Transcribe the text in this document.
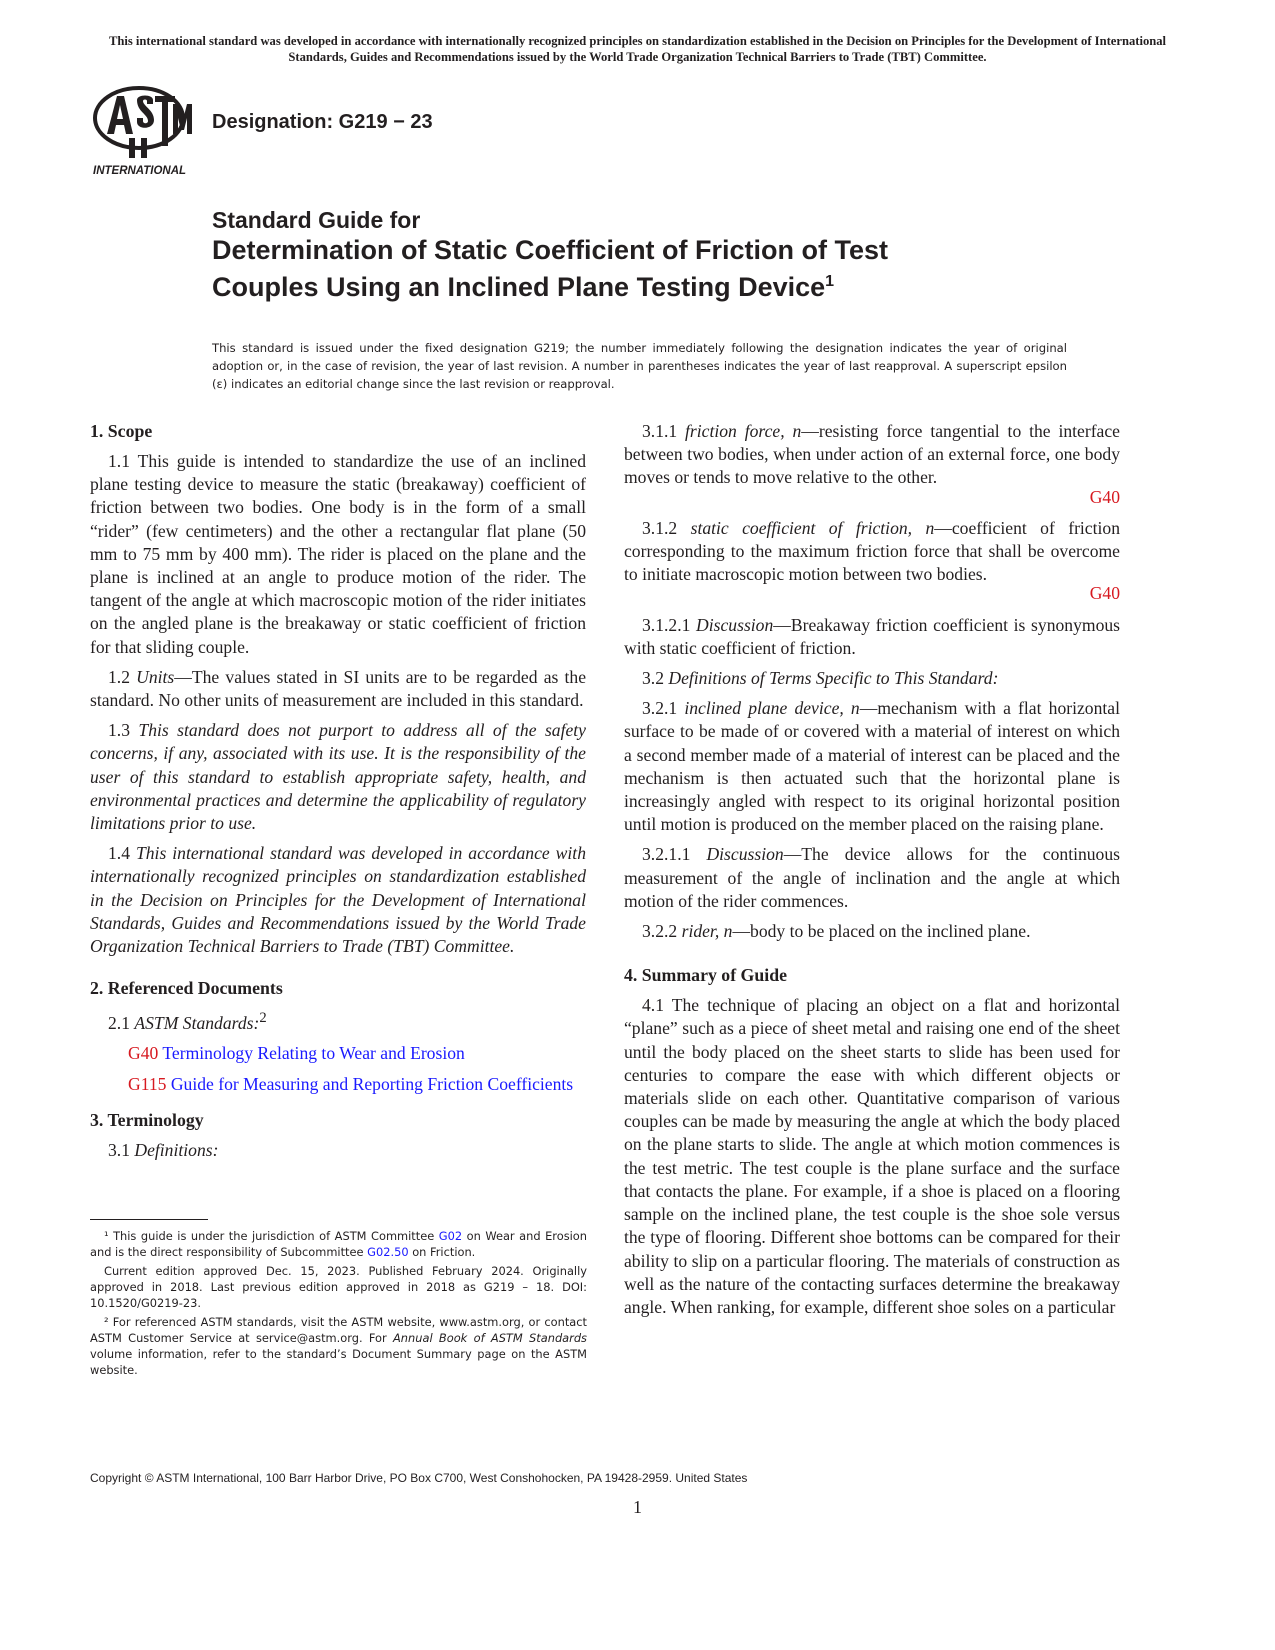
This international standard was developed in accordance with internationally recognized principles on standardization established in the Decision on Principles for the Development of International Standards, Guides and Recommendations issued by the World Trade Organization Technical Barriers to Trade (TBT) Committee.
INTERNATIONAL
Designation: G219 − 23
Standard Guide for
Determination of Static Coefficient of Friction of Test
Couples Using an Inclined Plane Testing Device$^1$
This standard is issued under the fixed designation G219; the number immediately following the designation indicates the year of original adoption or, in the case of revision, the year of last revision. A number in parentheses indicates the year of last reapproval. A superscript epsilon (ε) indicates an editorial change since the last revision or reapproval.
1. Scope

1.1 This guide is intended to standardize the use of an inclined plane testing device to measure the static (breakaway) coefficient of friction between two bodies. One body is in the form of a small “rider” (few centimeters) and the other a rectangular flat plane (50 mm to 75 mm by 400 mm). The rider is placed on the plane and the plane is inclined at an angle to produce motion of the rider. The tangent of the angle at which macroscopic motion of the rider initiates on the angled plane is the breakaway or static coefficient of friction for that sliding couple.

1.2 Units—The values stated in SI units are to be regarded as the standard. No other units of measurement are included in this standard.

1.3 This standard does not purport to address all of the safety concerns, if any, associated with its use. It is the responsibility of the user of this standard to establish appropriate safety, health, and environmental practices and determine the applicability of regulatory limitations prior to use.

1.4 This international standard was developed in accordance with internationally recognized principles on standardization established in the Decision on Principles for the Development of International Standards, Guides and Recommendations issued by the World Trade Organization Technical Barriers to Trade (TBT) Committee.

2. Referenced Documents

2.1 ASTM Standards:$^2$

G40 Terminology Relating to Wear and Erosion

G115 Guide for Measuring and Reporting Friction Coefficients

3. Terminology

3.1 Definitions:

3.1.1 friction force, n—resisting force tangential to the interface between two bodies, when under action of an external force, one body moves or tends to move relative to the other.

G40

3.1.2 static coefficient of friction, n—coefficient of friction corresponding to the maximum friction force that shall be overcome to initiate macroscopic motion between two bodies.

G40

3.1.2.1 Discussion—Breakaway friction coefficient is synonymous with static coefficient of friction.

3.2 Definitions of Terms Specific to This Standard:

3.2.1 inclined plane device, n—mechanism with a flat horizontal surface to be made of or covered with a material of interest on which a second member made of a material of interest can be placed and the mechanism is then actuated such that the horizontal plane is increasingly angled with respect to its original horizontal position until motion is produced on the member placed on the raising plane.

3.2.1.1 Discussion—The device allows for the continuous measurement of the angle of inclination and the angle at which motion of the rider commences.

3.2.2 rider, n—body to be placed on the inclined plane.

4. Summary of Guide

4.1 The technique of placing an object on a flat and horizontal “plane” such as a piece of sheet metal and raising one end of the sheet until the body placed on the sheet starts to slide has been used for centuries to compare the ease with which different objects or materials slide on each other. Quantitative comparison of various couples can be made by measuring the angle at which the body placed on the plane starts to slide. The angle at which motion commences is the test metric. The test couple is the plane surface and the surface that contacts the plane. For example, if a shoe is placed on a flooring sample on the inclined plane, the test couple is the shoe sole versus the type of flooring. Different shoe bottoms can be compared for their ability to slip on a particular flooring. The materials of construction as well as the nature of the contacting surfaces determine the breakaway angle. When ranking, for example, different shoe soles on a particular

¹ This guide is under the jurisdiction of ASTM Committee G02 on Wear and Erosion and is the direct responsibility of Subcommittee G02.50 on Friction.

Current edition approved Dec. 15, 2023. Published February 2024. Originally approved in 2018. Last previous edition approved in 2018 as G219 – 18. DOI: 10.1520/G0219-23.

² For referenced ASTM standards, visit the ASTM website, www.astm.org, or contact ASTM Customer Service at service@astm.org. For Annual Book of ASTM Standards volume information, refer to the standard’s Document Summary page on the ASTM website.

Copyright © ASTM International, 100 Barr Harbor Drive, PO Box C700, West Conshohocken, PA 19428-2959. United States
1
